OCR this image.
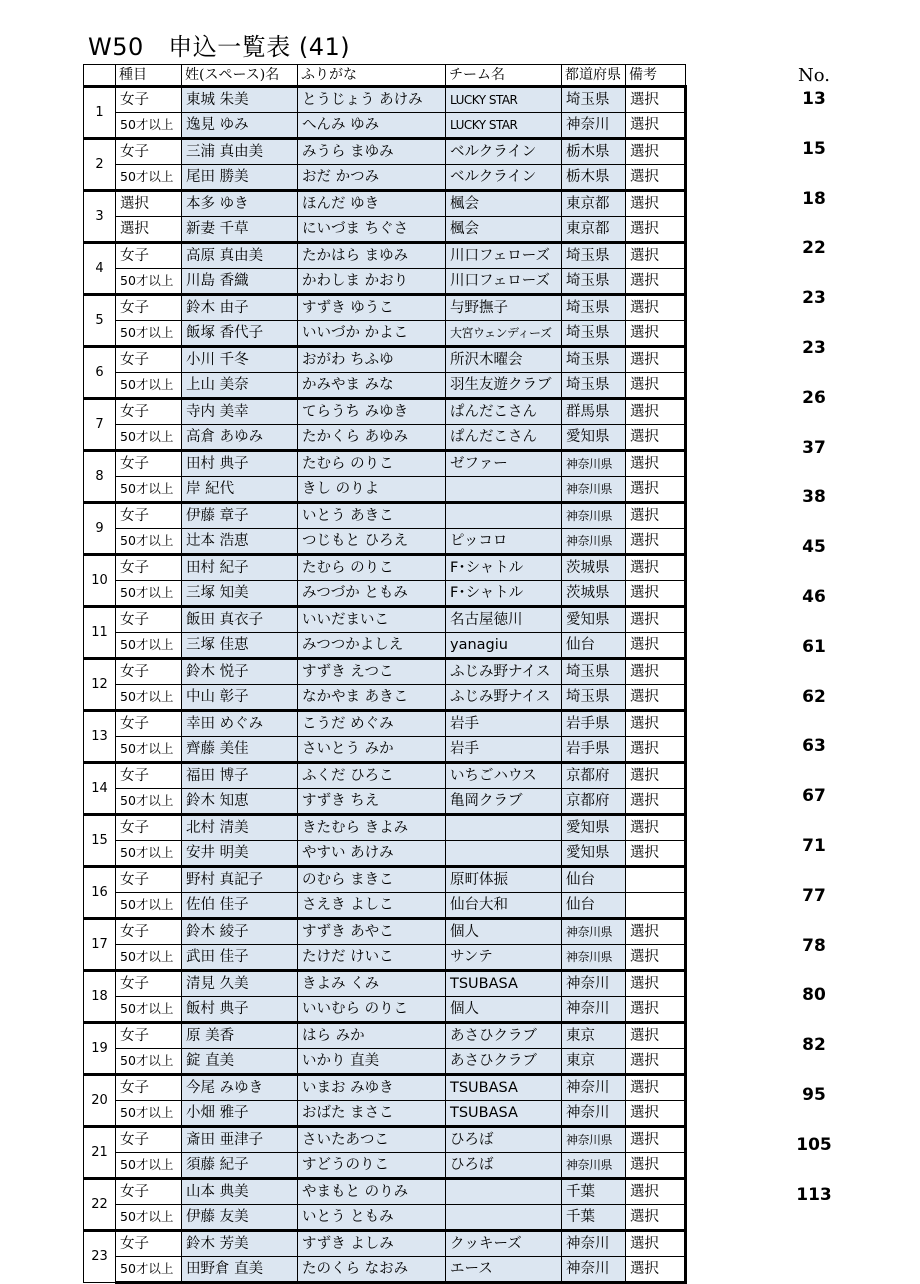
W50　申込一覧表 (41)
No.
	種目	姓(スペース)名	ふりがな	チーム名	都道府県	備考
1	女子	東城 朱美	とうじょう あけみ	LUCKY STAR	埼玉県	選択
	50才以上	逸見 ゆみ	へんみ ゆみ	LUCKY STAR	神奈川	選択
2	女子	三浦 真由美	みうら まゆみ	ベルクライン	栃木県	選択
	50才以上	尾田 勝美	おだ かつみ	ベルクライン	栃木県	選択
3	選択	本多 ゆき	ほんだ ゆき	楓会	東京都	選択
	選択	新妻 千草	にいづま ちぐさ	楓会	東京都	選択
4	女子	高原 真由美	たかはら まゆみ	川口フェローズ	埼玉県	選択
	50才以上	川島 香織	かわしま かおり	川口フェローズ	埼玉県	選択
5	女子	鈴木 由子	すずき ゆうこ	与野撫子	埼玉県	選択
	50才以上	飯塚 香代子	いいづか かよこ	大宮ウェンディーズ	埼玉県	選択
6	女子	小川 千冬	おがわ ちふゆ	所沢木曜会	埼玉県	選択
	50才以上	上山 美奈	かみやま みな	羽生友遊クラブ	埼玉県	選択
7	女子	寺内 美幸	てらうち みゆき	ぱんだこさん	群馬県	選択
	50才以上	高倉 あゆみ	たかくら あゆみ	ぱんだこさん	愛知県	選択
8	女子	田村 典子	たむら のりこ	ゼファー	神奈川県	選択
	50才以上	岸 紀代	きし のりよ		神奈川県	選択
9	女子	伊藤 章子	いとう あきこ		神奈川県	選択
	50才以上	辻本 浩恵	つじもと ひろえ	ピッコロ	神奈川県	選択
10	女子	田村 紀子	たむら のりこ	F･シャトル	茨城県	選択
	50才以上	三塚 知美	みつづか ともみ	F･シャトル	茨城県	選択
11	女子	飯田 真衣子	いいだまいこ	名古屋徳川	愛知県	選択
	50才以上	三塚 佳恵	みつつかよしえ	yanagiu	仙台	選択
12	女子	鈴木 悦子	すずき えつこ	ふじみ野ナイス	埼玉県	選択
	50才以上	中山 彰子	なかやま あきこ	ふじみ野ナイス	埼玉県	選択
13	女子	幸田 めぐみ	こうだ めぐみ	岩手	岩手県	選択
	50才以上	齊藤 美佳	さいとう みか	岩手	岩手県	選択
14	女子	福田 博子	ふくだ ひろこ	いちごハウス	京都府	選択
	50才以上	鈴木 知恵	すずき ちえ	亀岡クラブ	京都府	選択
15	女子	北村 清美	きたむら きよみ		愛知県	選択
	50才以上	安井 明美	やすい あけみ		愛知県	選択
16	女子	野村 真記子	のむら まきこ	原町体振	仙台	
	50才以上	佐伯 佳子	さえき よしこ	仙台大和	仙台	
17	女子	鈴木 綾子	すずき あやこ	個人	神奈川県	選択
	50才以上	武田 佳子	たけだ けいこ	サンテ	神奈川県	選択
18	女子	清見 久美	きよみ くみ	TSUBASA	神奈川	選択
	50才以上	飯村 典子	いいむら のりこ	個人	神奈川	選択
19	女子	原 美香	はら みか	あさひクラブ	東京	選択
	50才以上	錠 直美	いかり 直美	あさひクラブ	東京	選択
20	女子	今尾 みゆき	いまお みゆき	TSUBASA	神奈川	選択
	50才以上	小畑 雅子	おばた まさこ	TSUBASA	神奈川	選択
21	女子	斎田 亜津子	さいたあつこ	ひろば	神奈川県	選択
	50才以上	須藤 紀子	すどうのりこ	ひろば	神奈川県	選択
22	女子	山本 典美	やまもと のりみ		千葉	選択
	50才以上	伊藤 友美	いとう ともみ		千葉	選択
23	女子	鈴木 芳美	すずき よしみ	クッキーズ	神奈川	選択
	50才以上	田野倉 直美	たのくら なおみ	エース	神奈川	選択
13
15
18
22
23
23
26
37
38
45
46
61
62
63
67
71
77
78
80
82
95
105
113
